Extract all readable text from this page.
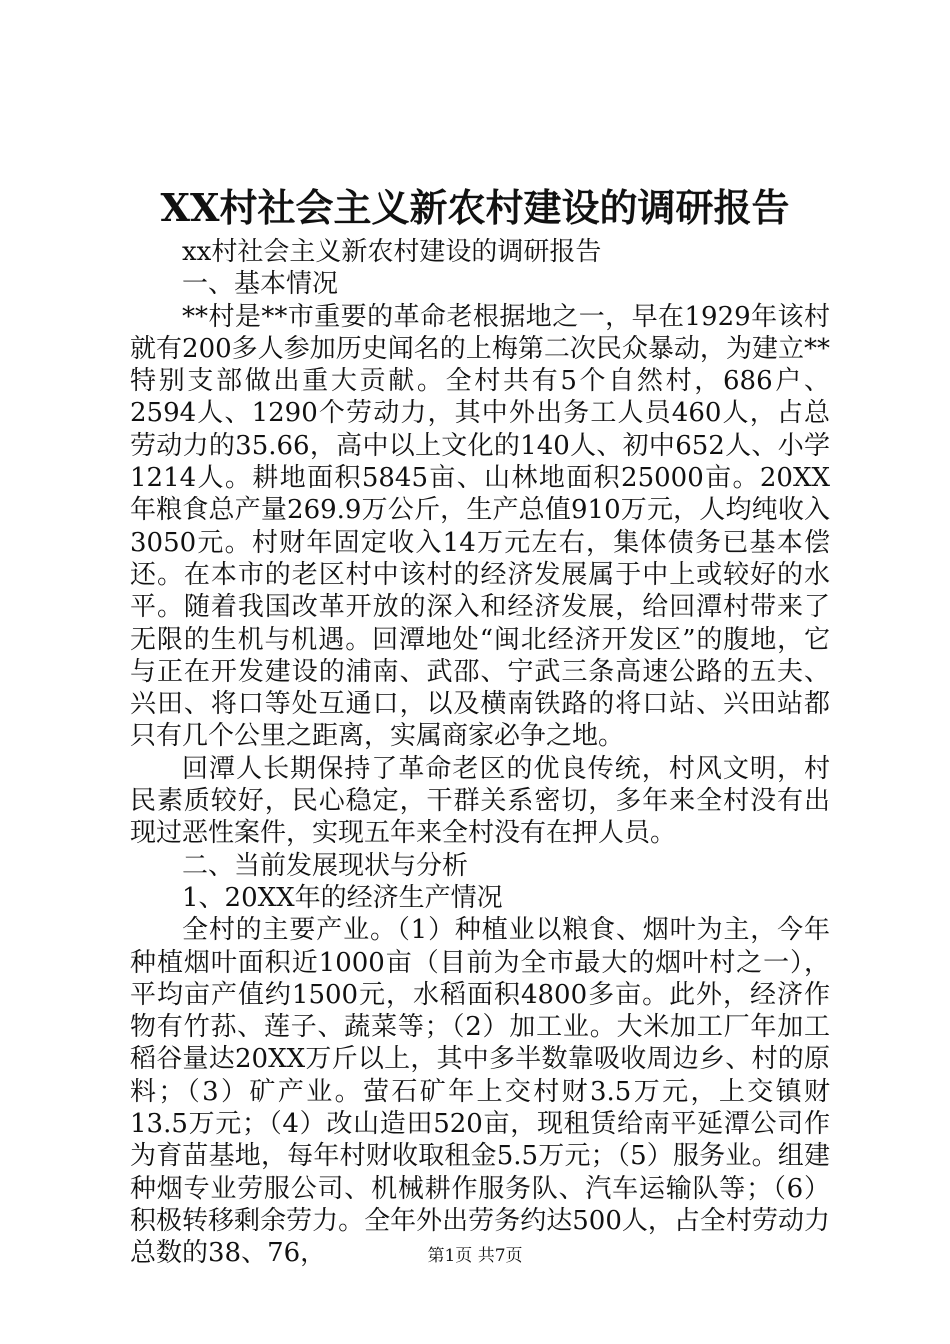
XX村社会主义新农村建设的调研报告

xx村社会主义新农村建设的调研报告

一、基本情况

**村是**市重要的革命老根据地之一，早在1929年该村就有200多人参加历史闻名的上梅第二次民众暴动，为建立**特别支部做出重大贡献。全村共有5个自然村，686户、2594人、1290个劳动力，其中外出务工人员460人，占总劳动力的35.66，高中以上文化的140人、初中652人、小学1214人。耕地面积5845亩、山林地面积25000亩。20XX年粮食总产量269.9万公斤，生产总值910万元，人均纯收入3050元。村财年固定收入14万元左右，集体债务已基本偿还。在本市的老区村中该村的经济发展属于中上或较好的水平。随着我国改革开放的深入和经济发展，给回潭村带来了无限的生机与机遇。回潭地处“闽北经济开发区”的腹地，它与正在开发建设的浦南、武邵、宁武三条高速公路的五夫、兴田、将口等处互通口，以及横南铁路的将口站、兴田站都只有几个公里之距离，实属商家必争之地。

回潭人长期保持了革命老区的优良传统，村风文明，村民素质较好，民心稳定，干群关系密切，多年来全村没有出现过恶性案件，实现五年来全村没有在押人员。

二、当前发展现状与分析

1、20XX年的经济生产情况

全村的主要产业。（1）种植业以粮食、烟叶为主，今年种植烟叶面积近1000亩（目前为全市最大的烟叶村之一），平均亩产值约1500元，水稻面积4800多亩。此外，经济作物有竹荪、莲子、蔬菜等；（2）加工业。大米加工厂年加工稻谷量达20XX万斤以上，其中多半数靠吸收周边乡、村的原料；（3）矿产业。萤石矿年上交村财3.5万元，上交镇财13.5万元；（4）改山造田520亩，现租赁给南平延潭公司作为育苗基地，每年村财收取租金5.5万元；（5）服务业。组建种烟专业劳服公司、机械耕作服务队、汽车运输队等；（6）积极转移剩余劳力。全年外出劳务约达500人，占全村劳动力总数的38、76，	第1页 共7页
